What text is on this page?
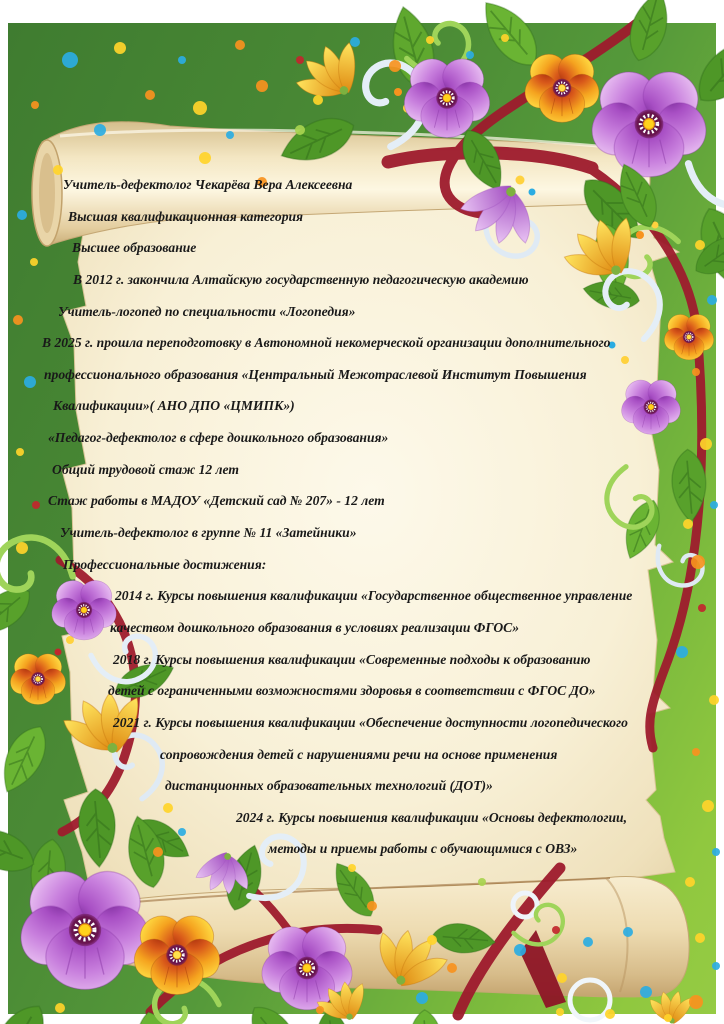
Учитель-дефектолог Чекарёва Вера Алексеевна
Высшая квалификационная категория
Высшее образование
В 2012 г. закончила Алтайскую государственную педагогическую академию
Учитель-логопед по специальности «Логопедия»
В 2025 г. прошла переподготовку в Автономной некомерческой организации дополнительного
профессионального образования «Центральный Межотраслевой Институт Повышения
Квалификации»( АНО ДПО «ЦМИПК»)
«Педагог-дефектолог в сфере дошкольного образования»
Общий трудовой стаж 12 лет
Стаж работы в МАДОУ «Детский сад № 207» - 12 лет
Учитель-дефектолог в группе № 11 «Затейники»
Профессиональные достижения:
2014 г. Курсы повышения квалификации «Государственное общественное управление
качеством дошкольного образования в условиях реализации ФГОС»
2018 г. Курсы повышения квалификации «Современные подходы к образованию
детей с ограниченными возможностями здоровья в соответствии с ФГОС ДО»
2021 г. Курсы повышения квалификации «Обеспечение доступности логопедического
сопровождения детей с нарушениями речи на основе применения
дистанционных образовательных технологий (ДОТ)»
2024 г. Курсы повышения квалификации «Основы дефектологии,
методы и приемы работы с обучающимися с ОВЗ»
